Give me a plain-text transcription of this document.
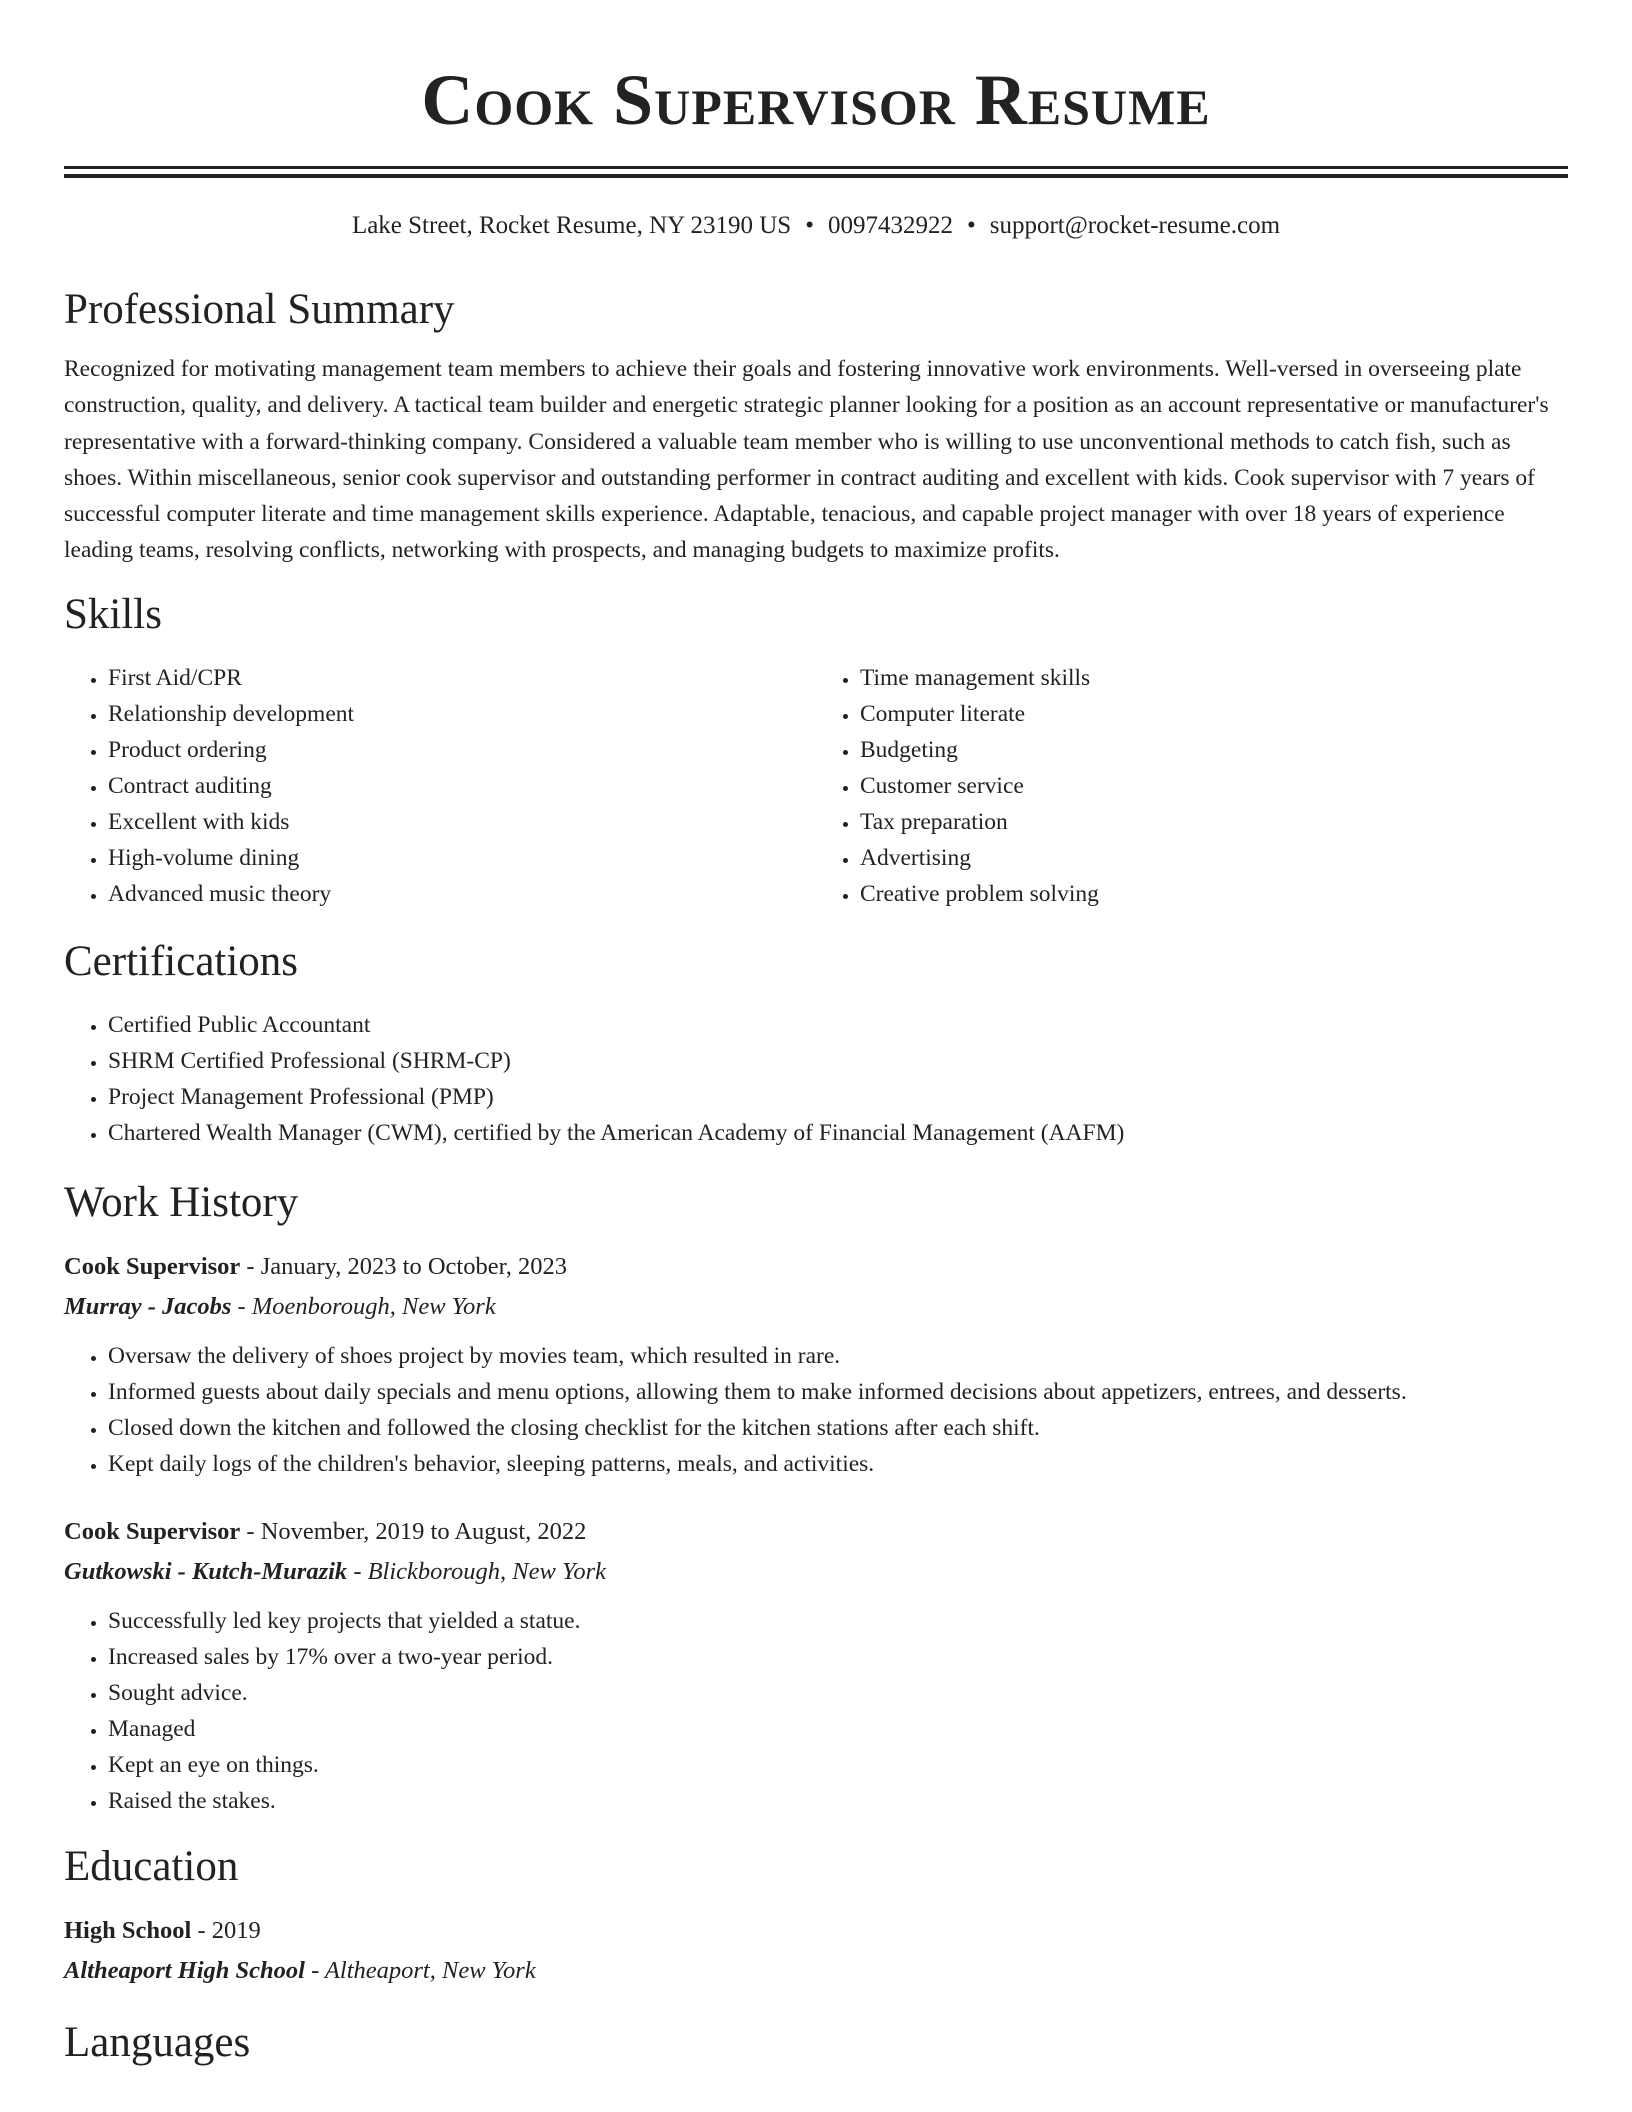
Cook Supervisor Resume
Lake Street, Rocket Resume, NY 23190 US • 0097432922 • support@rocket-resume.com
Professional Summary

Recognized for motivating management team members to achieve their goals and fostering innovative work environments. Well-versed in overseeing plate construction, quality, and delivery. A tactical team builder and energetic strategic planner looking for a position as an account representative or manufacturer's representative with a forward-thinking company. Considered a valuable team member who is willing to use unconventional methods to catch fish, such as shoes. Within miscellaneous, senior cook supervisor and outstanding performer in contract auditing and excellent with kids. Cook supervisor with 7 years of successful computer literate and time management skills experience. Adaptable, tenacious, and capable project manager with over 18 years of experience leading teams, resolving conflicts, networking with prospects, and managing budgets to maximize profits.

Skills
• First Aid/CPR
• Relationship development
• Product ordering
• Contract auditing
• Excellent with kids
• High-volume dining
• Advanced music theory
• Time management skills
• Computer literate
• Budgeting
• Customer service
• Tax preparation
• Advertising
• Creative problem solving
Certifications
• Certified Public Accountant
• SHRM Certified Professional (SHRM-CP)
• Project Management Professional (PMP)
• Chartered Wealth Manager (CWM), certified by the American Academy of Financial Management (AAFM)
Work History
Cook Supervisor - January, 2023 to October, 2023
Murray - Jacobs - Moenborough, New York
• Oversaw the delivery of shoes project by movies team, which resulted in rare.
• Informed guests about daily specials and menu options, allowing them to make informed decisions about appetizers, entrees, and desserts.
• Closed down the kitchen and followed the closing checklist for the kitchen stations after each shift.
• Kept daily logs of the children's behavior, sleeping patterns, meals, and activities.
Cook Supervisor - November, 2019 to August, 2022
Gutkowski - Kutch-Murazik - Blickborough, New York
• Successfully led key projects that yielded a statue.
• Increased sales by 17% over a two-year period.
• Sought advice.
• Managed
• Kept an eye on things.
• Raised the stakes.
Education
High School - 2019
Altheaport High School - Altheaport, New York
Languages
